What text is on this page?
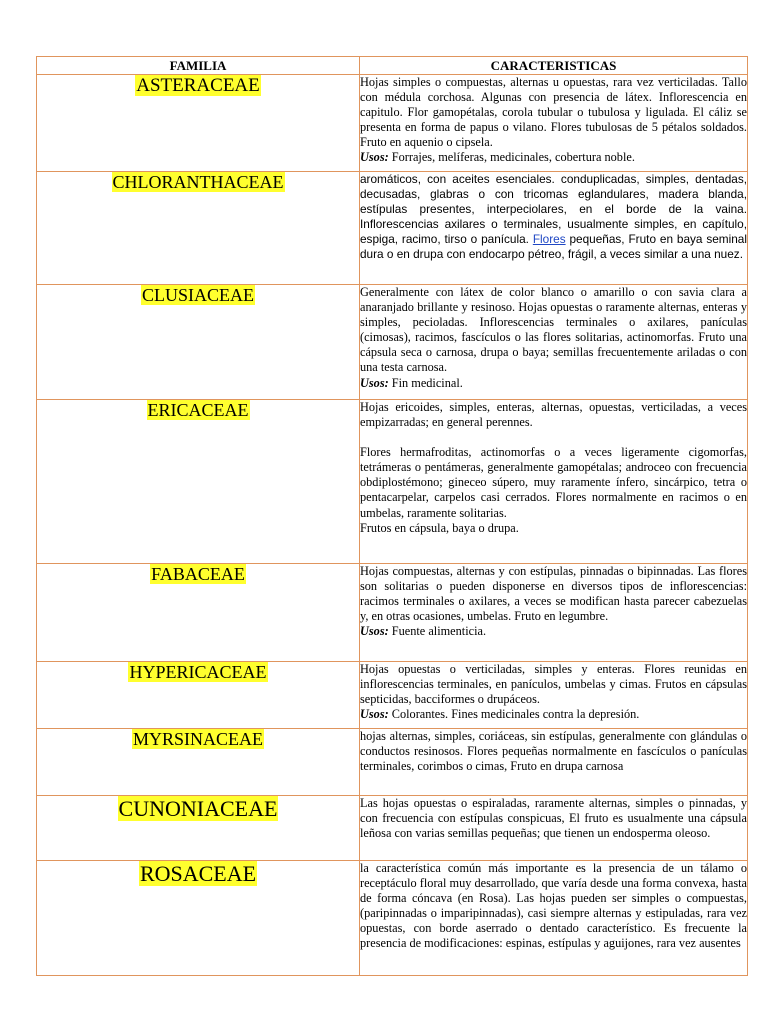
FAMILIA	CARACTERISTICAS
ASTERACEAE	Hojas simples o compuestas, alternas u opuestas, rara vez verticiladas. Tallo con médula corchosa. Algunas con presencia de látex. Inflorescencia en capitulo. Flor gamopétalas, corola tubular o tubulosa y ligulada. El cáliz se presenta en forma de papus o vilano. Flores tubulosas de 5 pétalos soldados. Fruto en aquenio o cipsela.

Usos: Forrajes, melíferas, medicinales, cobertura noble.

CHLORANTHACEAE	aromáticos, con aceites esenciales. conduplicadas, simples, dentadas, decusadas, glabras o con tricomas eglandulares, madera blanda, estípulas presentes, interpeciolares, en el borde de la vaina. Inflorescencias axilares o terminales, usualmente simples, en capítulo, espiga, racimo, tirso o panícula. Flores pequeñas, Fruto en baya seminal dura o en drupa con endocarpo pétreo, frágil, a veces similar a una nuez.

CLUSIACEAE	Generalmente con látex de color blanco o amarillo o con savia clara a anaranjado brillante y resinoso. Hojas opuestas o raramente alternas, enteras y simples, pecioladas. Inflorescencias terminales o axilares, panículas (cimosas), racimos, fascículos o las flores solitarias, actinomorfas. Fruto una cápsula seca o carnosa, drupa o baya; semillas frecuentemente ariladas o con una testa carnosa.

Usos: Fin medicinal.

ERICACEAE	Hojas ericoides, simples, enteras, alternas, opuestas, verticiladas, a veces empizarradas; en general perennes.

Flores hermafroditas, actinomorfas o a veces ligeramente cigomorfas, tetrámeras o pentámeras, generalmente gamopétalas; androceo con frecuencia obdiplostémono; gineceo súpero, muy raramente ínfero, sincárpico, tetra o pentacarpelar, carpelos casi cerrados. Flores normalmente en racimos o en umbelas, raramente solitarias.

Frutos en cápsula, baya o drupa.

FABACEAE	Hojas compuestas, alternas y con estípulas, pinnadas o bipinnadas. Las flores son solitarias o pueden disponerse en diversos tipos de inflorescencias: racimos terminales o axilares, a veces se modifican hasta parecer cabezuelas y, en otras ocasiones, umbelas. Fruto en legumbre.

Usos: Fuente alimenticia.

HYPERICACEAE	Hojas opuestas o verticiladas, simples y enteras. Flores reunidas en inflorescencias terminales, en panículos, umbelas y cimas. Frutos en cápsulas septicidas, bacciformes o drupáceos.

Usos: Colorantes. Fines medicinales contra la depresión.

MYRSINACEAE	hojas alternas, simples, coriáceas, sin estípulas, generalmente con glándulas o conductos resinosos. Flores pequeñas normalmente en fascículos o panículas terminales, corimbos o cimas, Fruto en drupa carnosa

CUNONIACEAE	Las hojas opuestas o espiraladas, raramente alternas, simples o pinnadas, y con frecuencia con estípulas conspicuas, El fruto es usualmente una cápsula leñosa con varias semillas pequeñas; que tienen un endosperma oleoso.

ROSACEAE	la característica común más importante es la presencia de un tálamo o receptáculo floral muy desarrollado, que varía desde una forma convexa, hasta de forma cóncava (en Rosa). Las hojas pueden ser simples o compuestas, (paripinnadas o imparipinnadas), casi siempre alternas y estipuladas, rara vez opuestas, con borde aserrado o dentado característico. Es frecuente la presencia de modificaciones: espinas, estípulas y aguijones, rara vez ausentes
